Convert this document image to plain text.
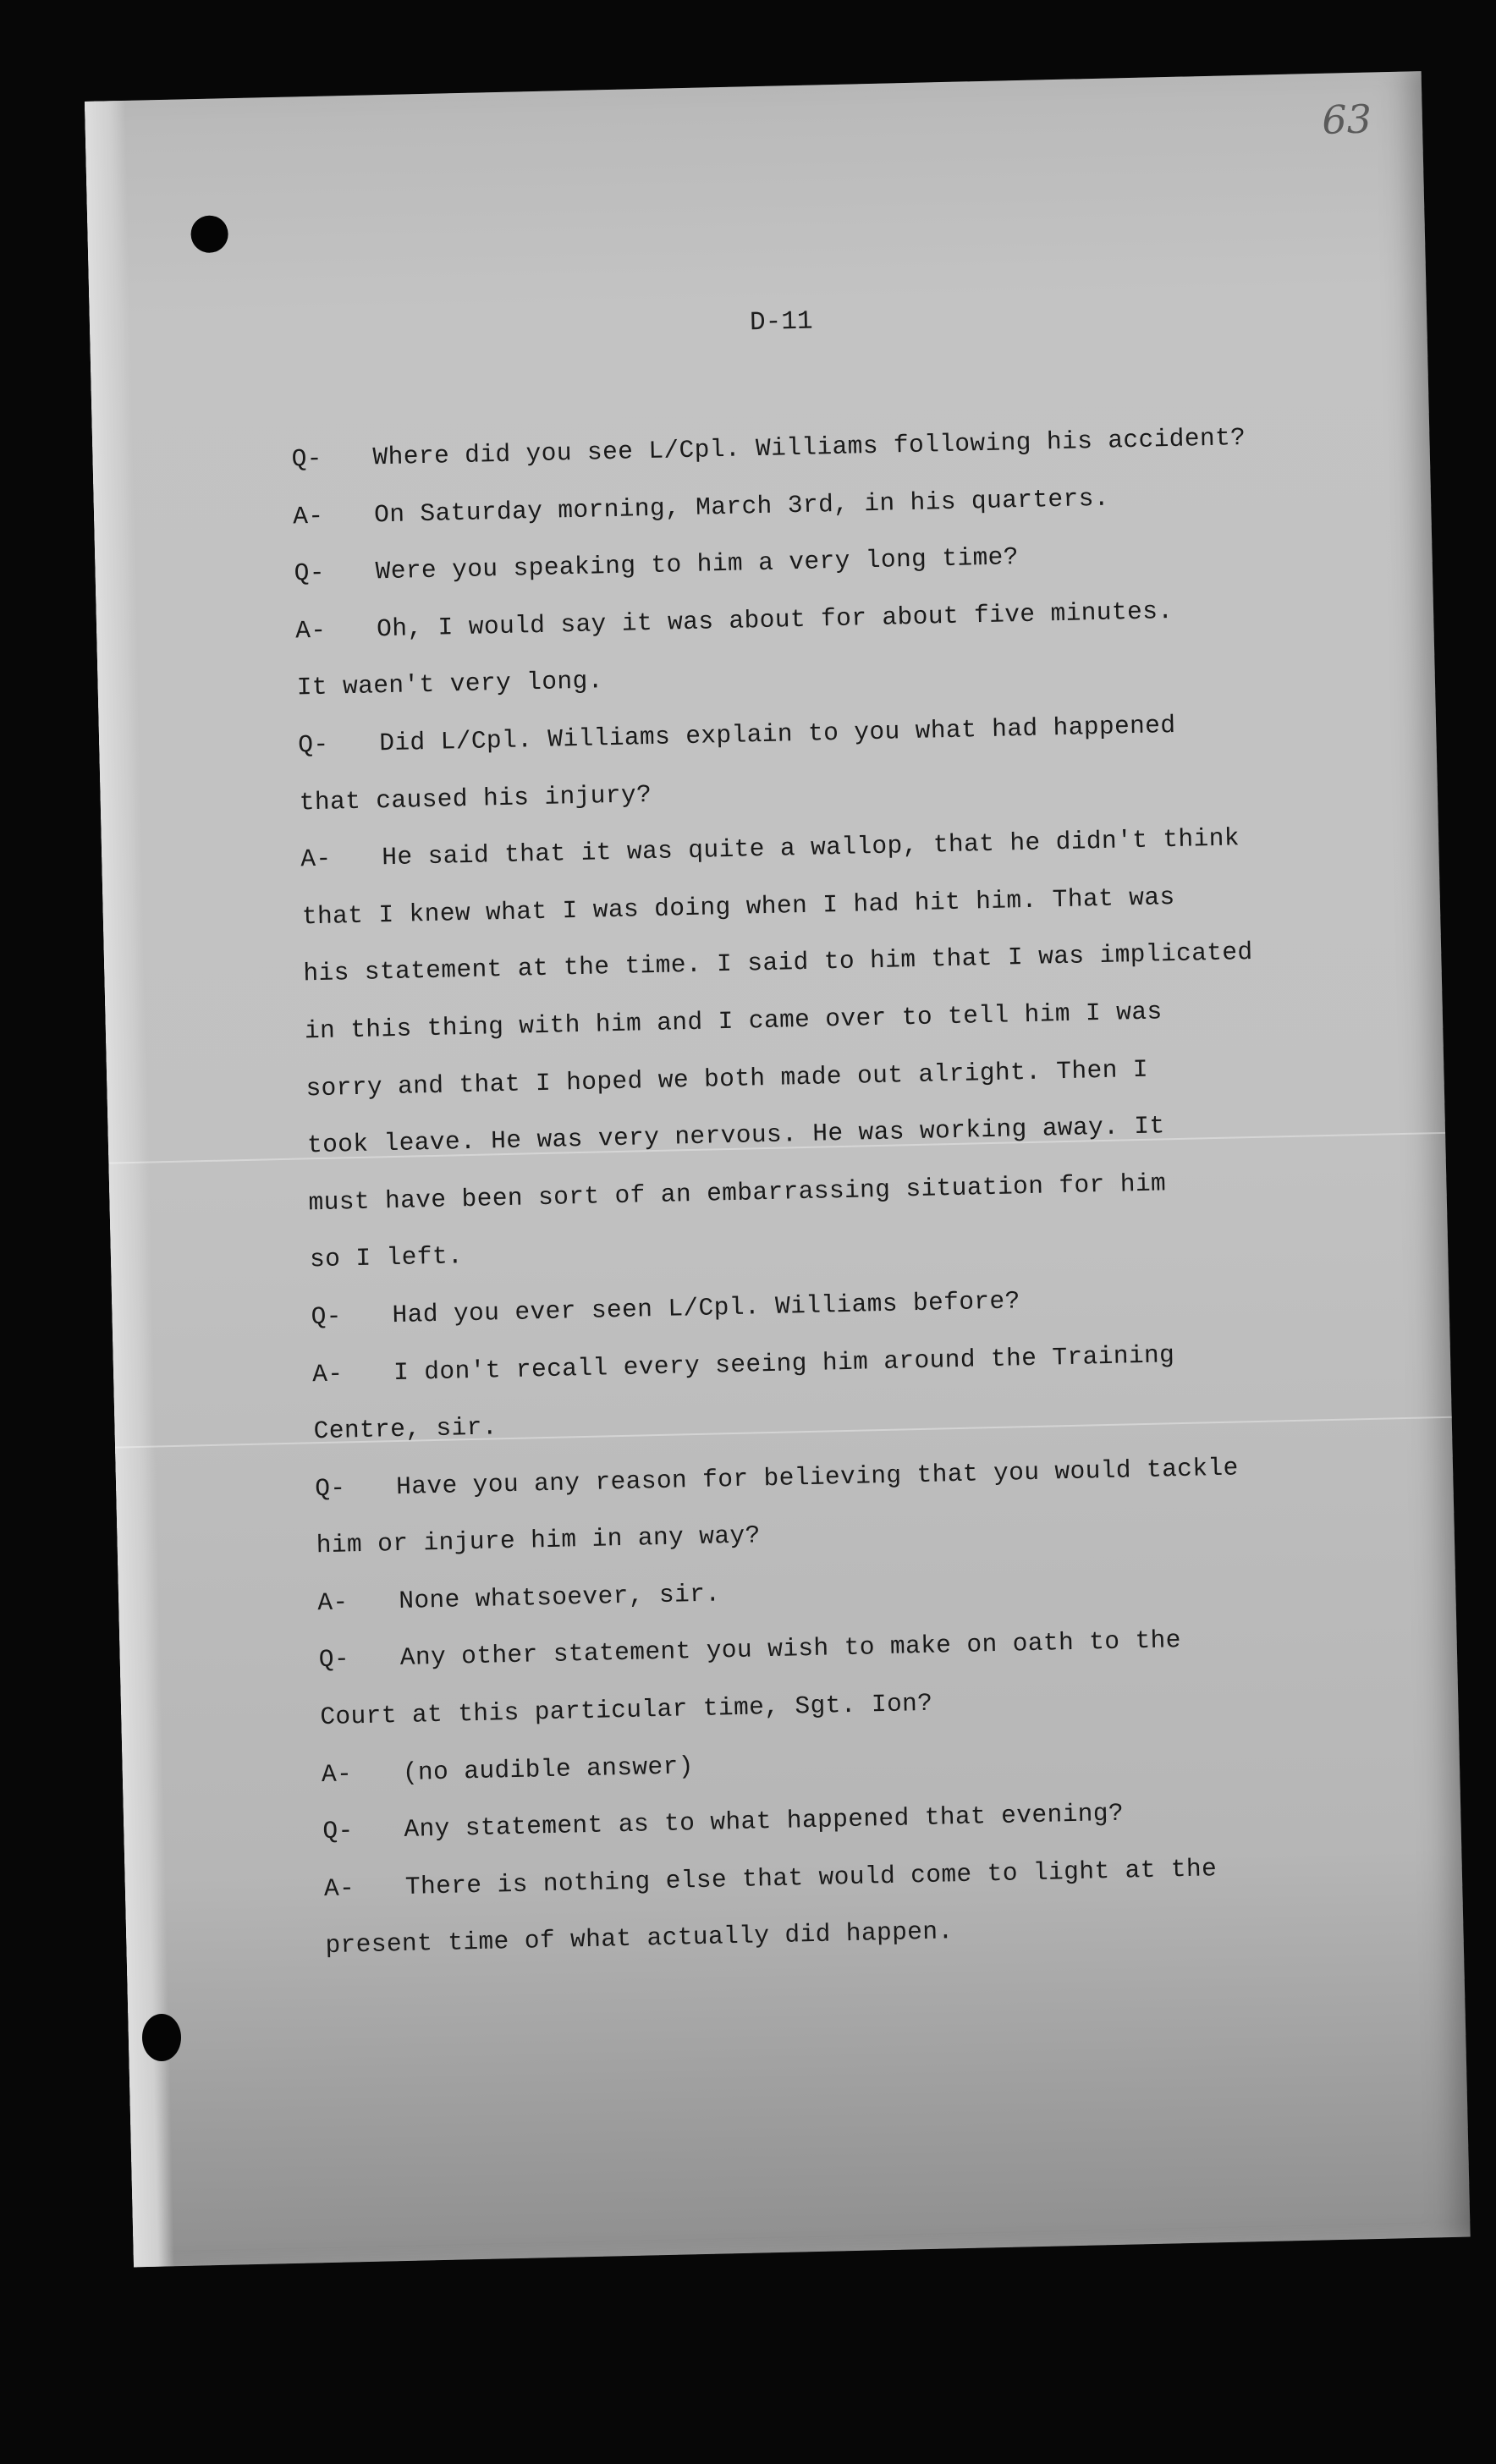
63
D-11
Q- Where did you see L/Cpl. Williams following his accident?
A- On Saturday morning, March 3rd, in his quarters.
Q- Were you speaking to him a very long time?
A- Oh, I would say it was about for about five minutes.
It waen't very long.
Q- Did L/Cpl. Williams explain to you what had happened
that caused his injury?
A- He said that it was quite a wallop, that he didn't think
that I knew what I was doing when I had hit him. That was
his statement at the time. I said to him that I was implicated
in this thing with him and I came over to tell him I was
sorry and that I hoped we both made out alright. Then I
took leave. He was very nervous. He was working away. It
must have been sort of an embarrassing situation for him
so I left.
Q- Had you ever seen L/Cpl. Williams before?
A- I don't recall every seeing him around the Training
Centre, sir.
Q- Have you any reason for believing that you would tackle
him or injure him in any way?
A- None whatsoever, sir.
Q- Any other statement you wish to make on oath to the
Court at this particular time, Sgt. Ion?
A- (no audible answer)
Q- Any statement as to what happened that evening?
A- There is nothing else that would come to light at the
present time of what actually did happen.
